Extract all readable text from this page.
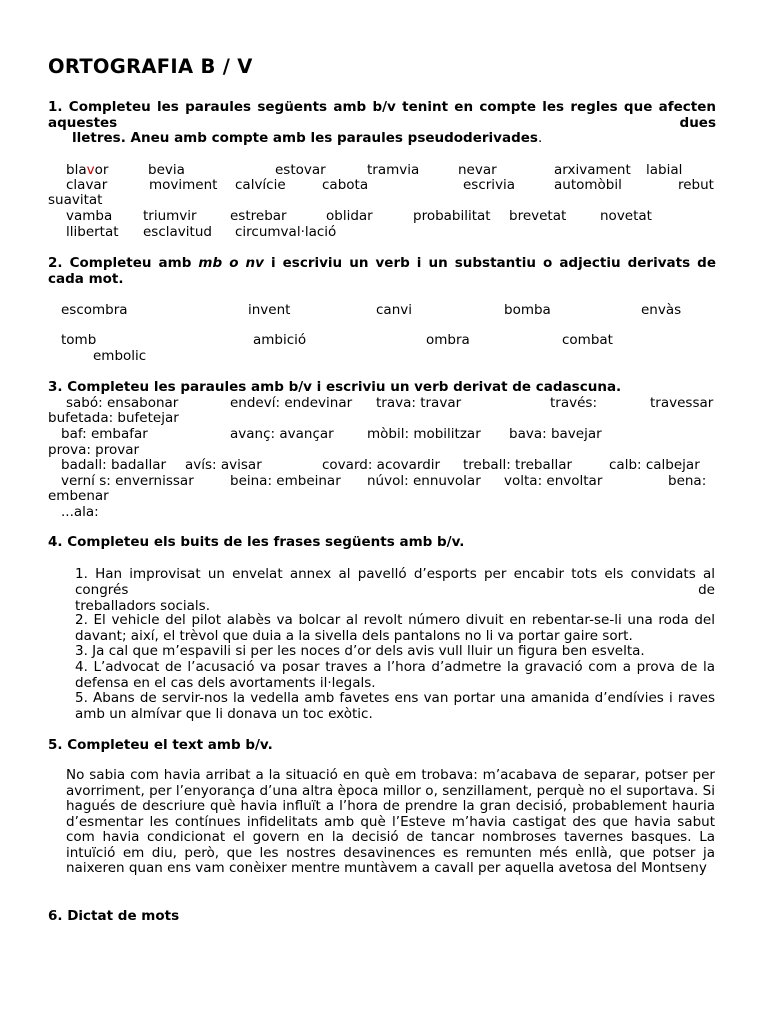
ORTOGRAFIA B / V
1. Completeu les paraules següents amb b/v tenint en compte les regles que afecten aquestes dues
lletres. Aneu amb compte amb les paraules pseudoderivades.
blavor	bevia	estovar	tramvia	nevar	arxivament labial
clavar	moviment calvície	cabota	escrivia	automòbil	rebut
suavitat
vamba triumvir estrebar	oblidar	probabilitat brevetat novetat
llibertat esclavitud circumval·lació
2. Completeu amb mb o nv i escriviu un verb i un substantiu o adjectiu derivats de cada mot.
escombra	invent	canvi	bomba	envàs
tomb	ambició	ombra	combat
embolic
3. Completeu les paraules amb b/v i escriviu un verb derivat de cadascuna.
sabó: ensabonar	endeví: endevinar trava: travar	través:	travessar
bufetada: bufetejar
baf: embafar	avanç: avançar mòbil: mobilitzar bava: bavejar
prova: provar
badall: badallar avís: avisar	covard: acovardir treball: treballar	calb: calbejar
verní s: envernissar	beina: embeinar núvol: ennuvolar volta: envoltar	bena:
embenar
...ala:
4. Completeu els buits de les frases següents amb b/v.
1. Han improvisat un envelat annex al pavelló d’esports per encabir tots els convidats al congrés de
treballadors socials.
2. El vehicle del pilot alabès va bolcar al revolt número divuit en rebentar-se-li una roda del davant; així, el trèvol que duia a la sivella dels pantalons no li va portar gaire sort.
3. Ja cal que m’espavili si per les noces d’or dels avis vull lluir un figura ben esvelta.
4. L’advocat de l’acusació va posar traves a l’hora d’admetre la gravació com a prova de la defensa en el cas dels avortaments il·legals.
5. Abans de servir-nos la vedella amb favetes ens van portar una amanida d’endívies i raves amb un almívar que li donava un toc exòtic.
5. Completeu el text amb b/v.
No sabia com havia arribat a la situació en què em trobava: m’acabava de separar, potser per avorriment, per l’enyorança d’una altra època millor o, senzillament, perquè no el suportava. Si hagués de descriure què havia influït a l’hora de prendre la gran decisió, probablement hauria d’esmentar les contínues infidelitats amb què l’Esteve m’havia castigat des que havia sabut com havia condicionat el govern en la decisió de tancar nombroses tavernes basques. La intuïció em diu, però, que les nostres desavinences es remunten més enllà, que potser ja naixeren quan ens vam conèixer mentre muntàvem a cavall per aquella avetosa del Montseny
6. Dictat de mots
